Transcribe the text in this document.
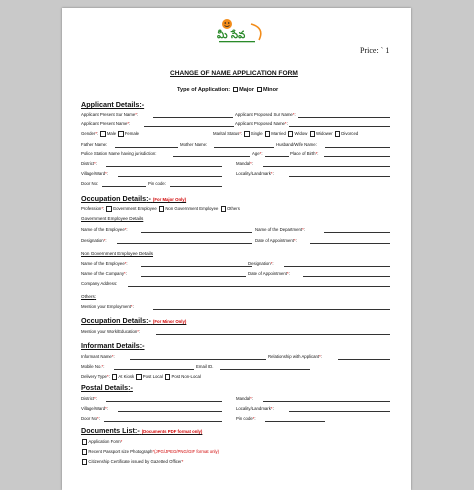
మీ సేవ
Price: ` 1
CHANGE OF NAME APPLICATION FORM
Type of Application: Major Minor
Applicant Details:-
Applicant Present Sur Name*:	Applicant Proposed Sur Name*:
Applicant Present Name*:	Applicant Proposed Name*:
Gender*: Male Female	Marital Status*: Single Married Widow Widower Divorced
Father Name:	Mother Name:	Husband/Wife Name:
Police Station Name having jurisdiction:	Age*:	Place of Birth*:
District*:	Mandal*:
Village/Ward*:	Locality/Landmark*:
Door No:	Pin code:
Occupation Details:- (For Major Only)
Profession*: Government Employee Non Government Employee Others
Government Employee Details
Name of the Employee*:	Name of the Department*:
Designation*:	Date of Appointment*:
Non Government Employee Details
Name of the Employee*:	Designation*:
Name of the Company*:	Date of Appointment*:
Company Address:
Others:
Mention your Employment*:
Occupation Details:- (For Minor Only)
Mention your Work/Education*:
Informant Details:-
Informant Name*:	Relationship with Applicant*:
Mobile No.*:	Email ID.
Delivery Type*: At Kiosk Post Local Post Non-Local
Postal Details:-
District*:	Mandal*:
Village/Ward*:	Locality/Landmark*:
Door No*:	Pin code*:
Documents List:- (Documents PDF format only)
Application Form*
Recent Passport size Photograph*(JPG/JPEG/PNG/GIF format only)
Citizenship Certificate issued by Gazetted Officer*
